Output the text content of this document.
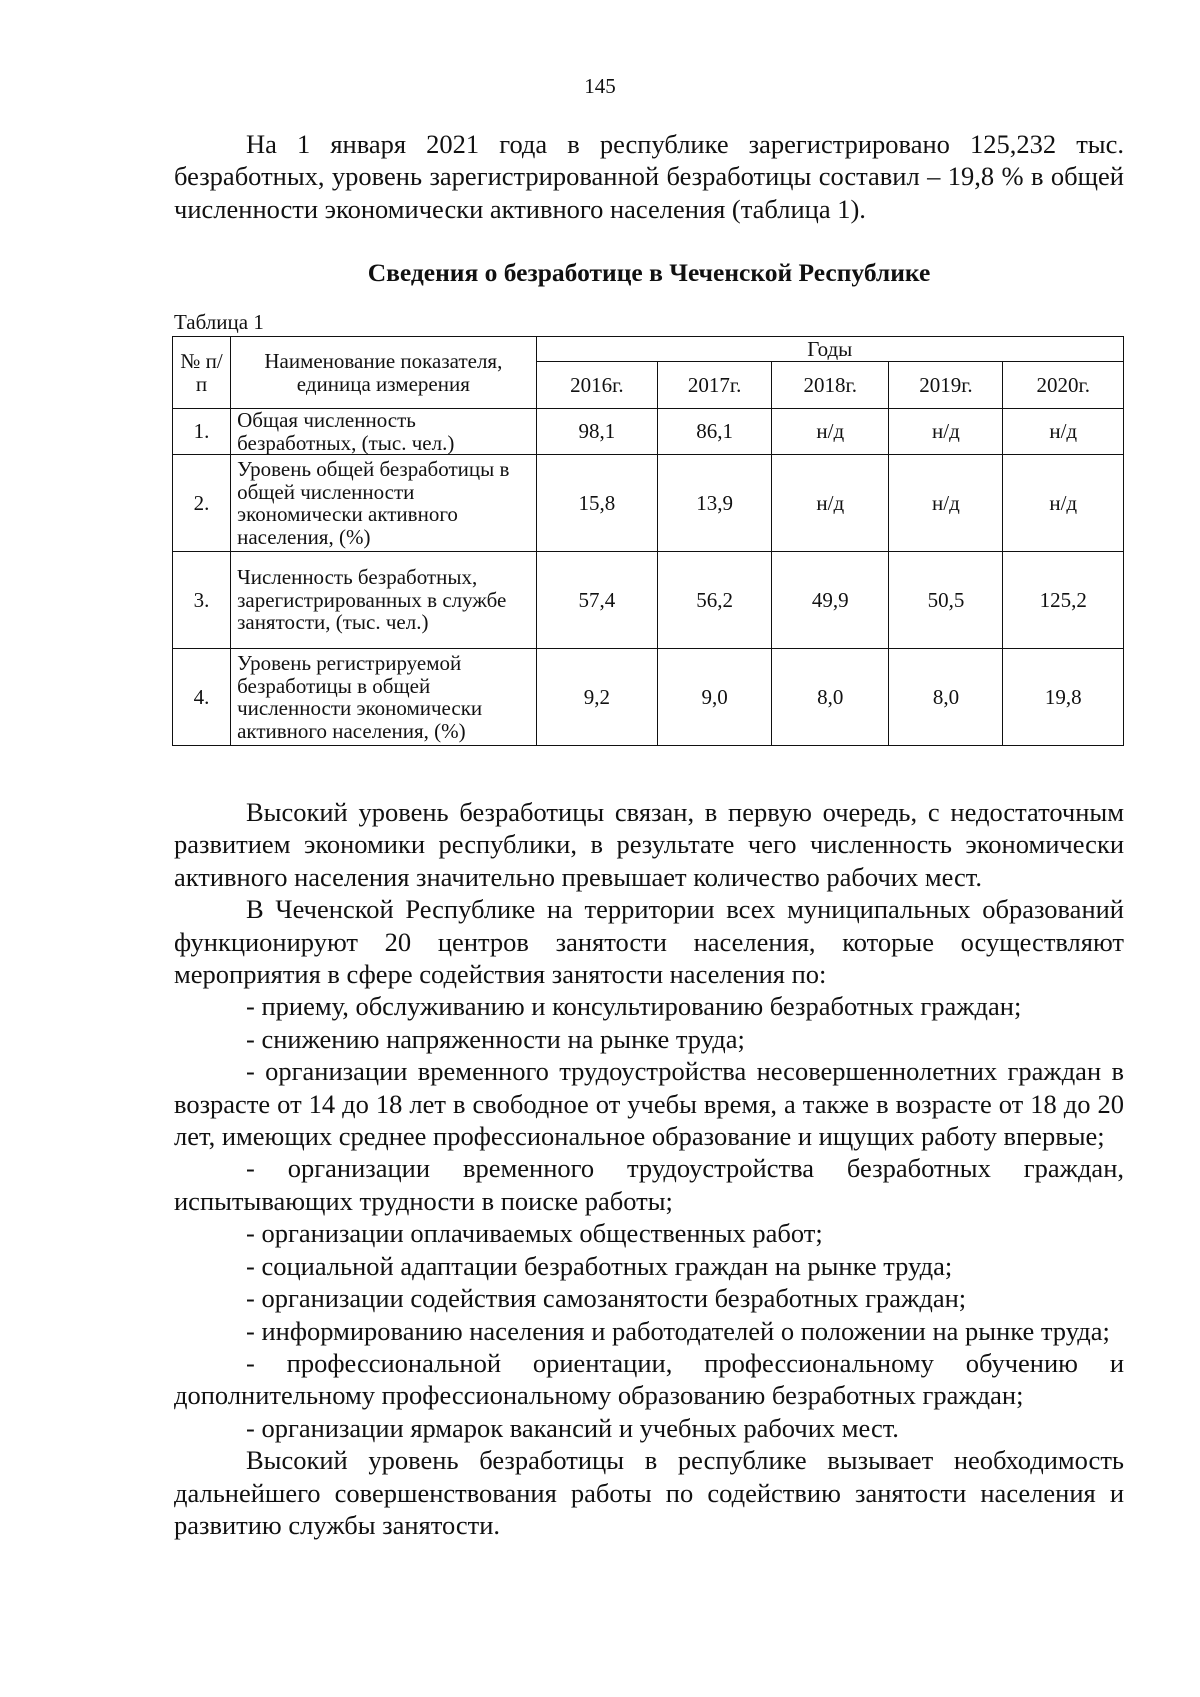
145

На 1 января 2021 года в республике зарегистрировано 125,232 тыс. безработных, уровень зарегистрированной безработицы составил – 19,8 % в общей численности экономически активного населения (таблица 1).

Сведения о безработице в Чеченской Республике
Таблица 1
№ п/п	Наименование показателя, единица измерения	Годы				
		2016г.	2017г.	2018г.	2019г.	2020г.
1.	Общая численность безработных, (тыс. чел.)	98,1	86,1	н/д	н/д	н/д
2.	Уровень общей безработицы в общей численности экономически активного населения, (%)	15,8	13,9	н/д	н/д	н/д
3.	Численность безработных, зарегистрированных в службе занятости, (тыс. чел.)	57,4	56,2	49,9	50,5	125,2
4.	Уровень регистрируемой безработицы в общей численности экономически активного населения, (%)	9,2	9,0	8,0	8,0	19,8

Высокий уровень безработицы связан, в первую очередь, с недостаточным развитием экономики республики, в результате чего численность экономически активного населения значительно превышает количество рабочих мест.

В Чеченской Республике на территории всех муниципальных образований функционируют 20 центров занятости населения, которые осуществляют мероприятия в сфере содействия занятости населения по:

- приему, обслуживанию и консультированию безработных граждан;

- снижению напряженности на рынке труда;

- организации временного трудоустройства несовершеннолетних граждан в возрасте от 14 до 18 лет в свободное от учебы время, а также в возрасте от 18 до 20 лет, имеющих среднее профессиональное образование и ищущих работу впервые;

- организации временного трудоустройства безработных граждан, испытывающих трудности в поиске работы;

- организации оплачиваемых общественных работ;

- социальной адаптации безработных граждан на рынке труда;

- организации содействия самозанятости безработных граждан;

- информированию населения и работодателей о положении на рынке труда;

- профессиональной ориентации, профессиональному обучению и дополнительному профессиональному образованию безработных граждан;

- организации ярмарок вакансий и учебных рабочих мест.

Высокий уровень безработицы в республике вызывает необходимость дальнейшего совершенствования работы по содействию занятости населения и развитию службы занятости.
